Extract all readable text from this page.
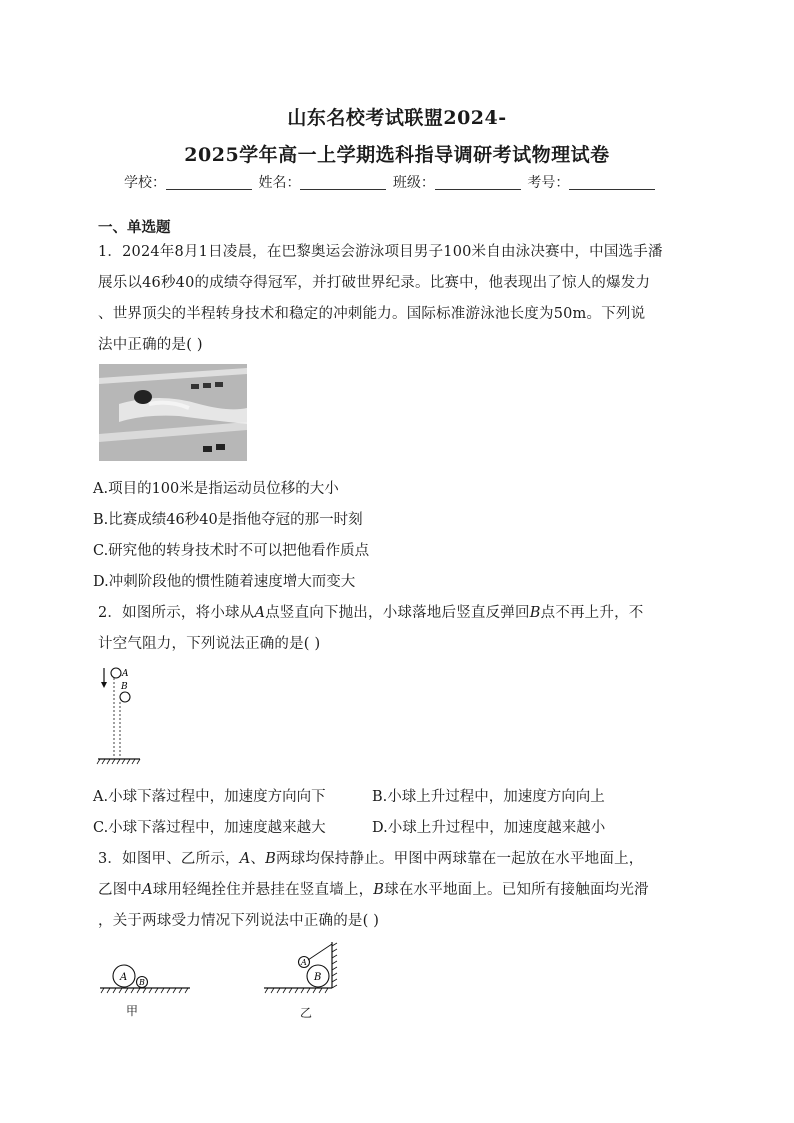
山东名校考试联盟2024-
2025学年高一上学期选科指导调研考试物理试卷
学校：	姓名：	班级：	考号：
一、单选题
1．2024年8月1日凌晨，在巴黎奥运会游泳项目男子100米自由泳决赛中，中国选手潘
展乐以46秒40的成绩夺得冠军，并打破世界纪录。比赛中，他表现出了惊人的爆发力
、世界顶尖的半程转身技术和稳定的冲刺能力。国际标准游泳池长度为50m。下列说
法中正确的是( )
A.项目的100米是指运动员位移的大小
B.比赛成绩46秒40是指他夺冠的那一时刻
C.研究他的转身技术时不可以把他看作质点
D.冲刺阶段他的惯性随着速度增大而变大
2．如图所示，将小球从A点竖直向下抛出，小球落地后竖直反弹回B点不再上升，不
计空气阻力，下列说法正确的是( )
A
B
A.小球下落过程中，加速度方向向下	B.小球上升过程中，加速度方向向上
C.小球下落过程中，加速度越来越大	D.小球上升过程中，加速度越来越小
3．如图甲、乙所示，A、B两球均保持静止。甲图中两球靠在一起放在水平地面上，
乙图中A球用轻绳拴住并悬挂在竖直墙上，B球在水平地面上。已知所有接触面均光滑
，关于两球受力情况下列说法中正确的是( )
A B
甲
A
B
乙
